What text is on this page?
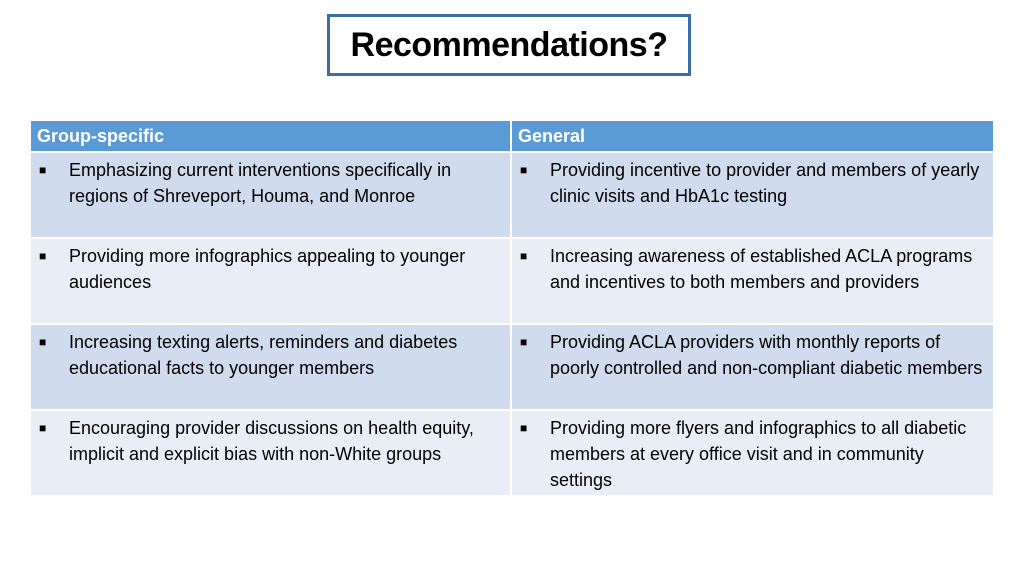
Recommendations?
Group-specific	General

■ Emphasizing current interventions specifically in regions of Shreveport, Houma, and Monroe	■ Providing incentive to provider and members of yearly clinic visits and HbA1c testing

■ Providing more infographics appealing to younger audiences	■ Increasing awareness of established ACLA programs and incentives to both members and providers

■ Increasing texting alerts, reminders and diabetes educational facts to younger members	■ Providing ACLA providers with monthly reports of poorly controlled and non-compliant diabetic members

■ Encouraging provider discussions on health equity, implicit and explicit bias with non-White groups	■ Providing more flyers and infographics to all diabetic members at every office visit and in community settings
